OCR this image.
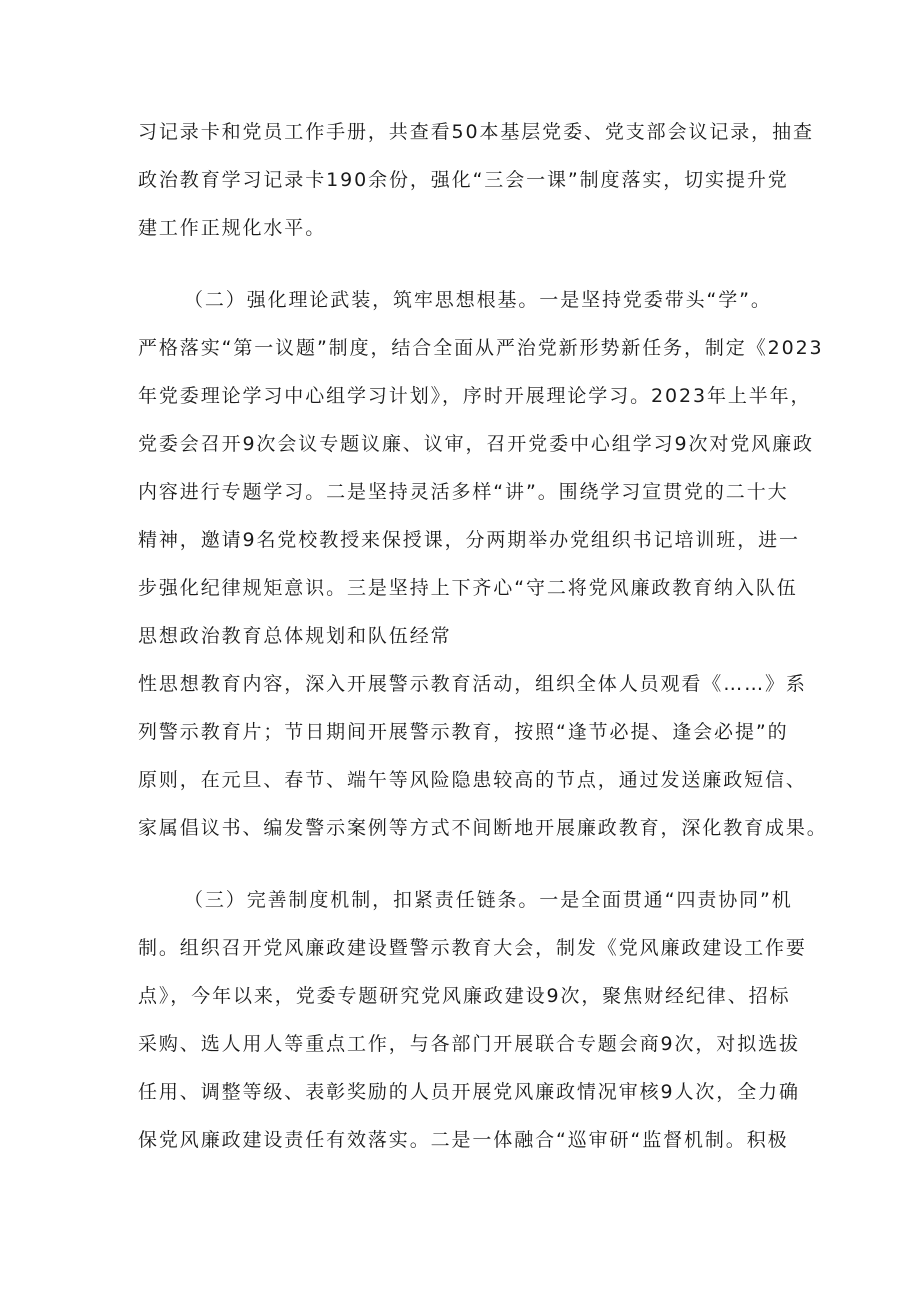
习记录卡和党员工作手册，共查看50本基层党委、党支部会议记录，抽查
政治教育学习记录卡190余份，强化“三会一课”制度落实，切实提升党
建工作正规化水平。
（二）强化理论武装，筑牢思想根基。一是坚持党委带头“学”。
严格落实“第一议题”制度，结合全面从严治党新形势新任务，制定《2023
年党委理论学习中心组学习计划》，序时开展理论学习。2023年上半年，
党委会召开9次会议专题议廉、议审，召开党委中心组学习9次对党风廉政
内容进行专题学习。二是坚持灵活多样“讲”。围绕学习宣贯党的二十大
精神，邀请9名党校教授来保授课，分两期举办党组织书记培训班，进一
步强化纪律规矩意识。三是坚持上下齐心“守二将党风廉政教育纳入队伍
思想政治教育总体规划和队伍经常
性思想教育内容，深入开展警示教育活动，组织全体人员观看《……》系
列警示教育片；节日期间开展警示教育，按照“逢节必提、逢会必提”的
原则，在元旦、春节、端午等风险隐患较高的节点，通过发送廉政短信、
家属倡议书、编发警示案例等方式不间断地开展廉政教育，深化教育成果。
（三）完善制度机制，扣紧责任链条。一是全面贯通“四责协同”机
制。组织召开党风廉政建设暨警示教育大会，制发《党风廉政建设工作要
点》，今年以来，党委专题研究党风廉政建设9次，聚焦财经纪律、招标
采购、选人用人等重点工作，与各部门开展联合专题会商9次，对拟选拔
任用、调整等级、表彰奖励的人员开展党风廉政情况审核9人次，全力确
保党风廉政建设责任有效落实。二是一体融合“巡审研“监督机制。积极
